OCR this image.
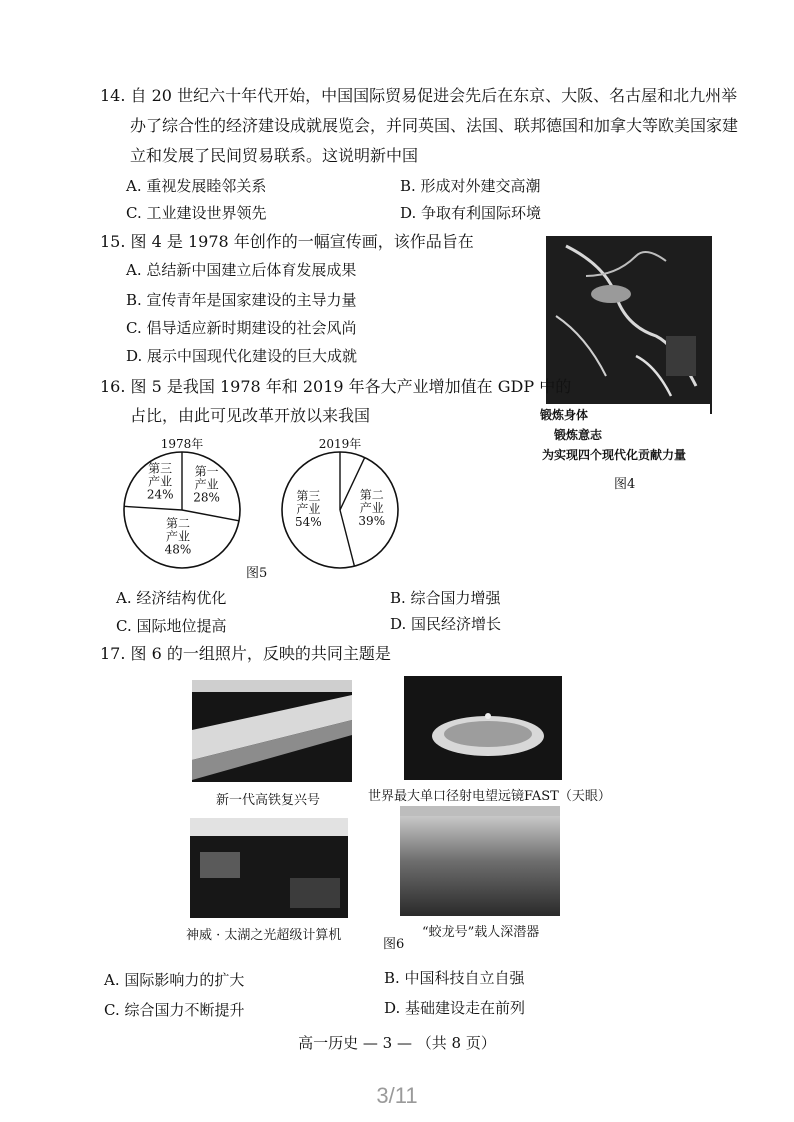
14. 自 20 世纪六十年代开始，中国国际贸易促进会先后在东京、大阪、名古屋和北九州举
办了综合性的经济建设成就展览会，并同英国、法国、联邦德国和加拿大等欧美国家建
立和发展了民间贸易联系。这说明新中国
A. 重视发展睦邻关系	B. 形成对外建交高潮
C. 工业建设世界领先	D. 争取有利国际环境
15. 图 4 是 1978 年创作的一幅宣传画，该作品旨在
A. 总结新中国建立后体育发展成果
B. 宣传青年是国家建设的主导力量
C. 倡导适应新时期建设的社会风尚
D. 展示中国现代化建设的巨大成就
锻炼身体
锻炼意志
为实现四个现代化贡献力量
图4
16. 图 5 是我国 1978 年和 2019 年各大产业增加值在 GDP 中的
占比，由此可见改革开放以来我国
1978年	2019年
第一
产业
28%
第二
产业
48%
第三
产业
24%	第二
产业
39%
第三
产业
54%
图5
A. 经济结构优化	B. 综合国力增强
C. 国际地位提高	D. 国民经济增长
17. 图 6 的一组照片，反映的共同主题是
新一代高铁复兴号	世界最大单口径射电望远镜FAST（天眼）
神威 · 太湖之光超级计算机
图6
“蛟龙号”载人深潜器
A. 国际影响力的扩大	B. 中国科技自立自强
C. 综合国力不断提升	D. 基础建设走在前列
高一历史 — 3 — （共 8 页）
3/11
